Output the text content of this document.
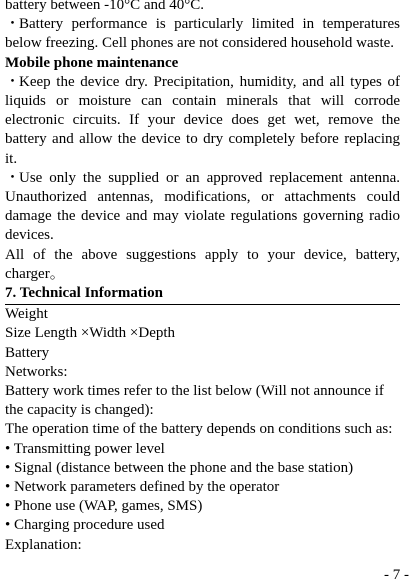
battery between -10°C and 40°C.

・Battery performance is particularly limited in temperatures below freezing. Cell phones are not considered household waste.

Mobile phone maintenance

・Keep the device dry. Precipitation, humidity, and all types of liquids or moisture can contain minerals that will corrode electronic circuits. If your device does get wet, remove the battery and allow the device to dry completely before replacing it.

・Use only the supplied or an approved replacement antenna. Unauthorized antennas, modifications, or attachments could damage the device and may violate regulations governing radio devices.

All of the above suggestions apply to your device, battery, charger。

7. Technical Information

Weight

Size Length ×Width ×Depth

Battery

Networks:

Battery work times refer to the list below (Will not announce if the capacity is changed):

The operation time of the battery depends on conditions such as:

• Transmitting power level

• Signal (distance between the phone and the base station)

• Network parameters defined by the operator

• Phone use (WAP, games, SMS)

• Charging procedure used

Explanation:

- 7 -
